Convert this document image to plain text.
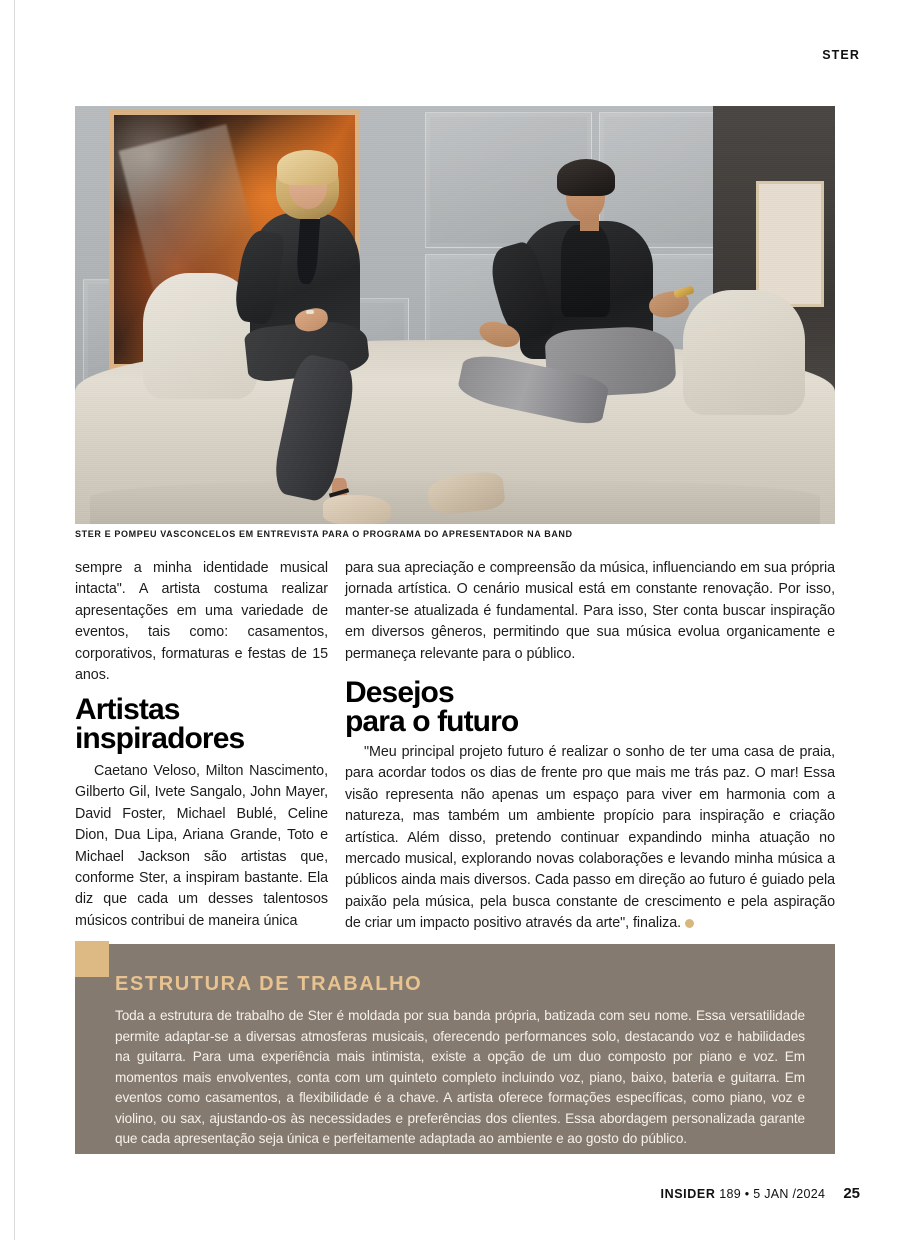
STER
STER E POMPEU VASCONCELOS EM ENTREVISTA PARA O PROGRAMA DO APRESENTADOR NA BAND

sempre a minha identidade musical intacta". A artista costuma realizar apresentações em uma variedade de eventos, tais como: casamentos, corporativos, formaturas e festas de 15 anos.

para sua apreciação e compreensão da música, influenciando em sua própria jornada artística. O cenário musical está em constante renovação. Por isso, manter-se atualizada é fundamental. Para isso, Ster conta buscar inspiração em diversos gêneros, permitindo que sua música evolua organicamente e permaneça relevante para o público.

Artistas
inspiradores
Desejos
para o futuro

Caetano Veloso, Milton Nascimento, Gilberto Gil, Ivete Sangalo, John Mayer, David Foster, Michael Bublé, Celine Dion, Dua Lipa, Ariana Grande, Toto e Michael Jackson são artistas que, conforme Ster, a inspiram bastante. Ela diz que cada um desses talentosos músicos contribui de maneira única

"Meu principal projeto futuro é realizar o sonho de ter uma casa de praia, para acordar todos os dias de frente pro que mais me trás paz. O mar! Essa visão representa não apenas um espaço para viver em harmonia com a natureza, mas também um ambiente propício para inspiração e criação artística. Além disso, pretendo continuar expandindo minha atuação no mercado musical, explorando novas colaborações e levando minha música a públicos ainda mais diversos. Cada passo em direção ao futuro é guiado pela paixão pela música, pela busca constante de crescimento e pela aspiração de criar um impacto positivo através da arte", finaliza.

ESTRUTURA DE TRABALHO
Toda a estrutura de trabalho de Ster é moldada por sua banda própria, batizada com seu nome. Essa versatilidade permite adaptar-se a diversas atmosferas musicais, oferecendo performances solo, destacando voz e habilidades na guitarra. Para uma experiência mais intimista, existe a opção de um duo composto por piano e voz. Em momentos mais envolventes, conta com um quinteto completo incluindo voz, piano, baixo, bateria e guitarra. Em eventos como casamentos, a flexibilidade é a chave. A artista oferece formações específicas, como piano, voz e violino, ou sax, ajustando-os às necessidades e preferências dos clientes. Essa abordagem personalizada garante que cada apresentação seja única e perfeitamente adaptada ao ambiente e ao gosto do público.
INSIDER 189 • 5 JAN /2024 25
